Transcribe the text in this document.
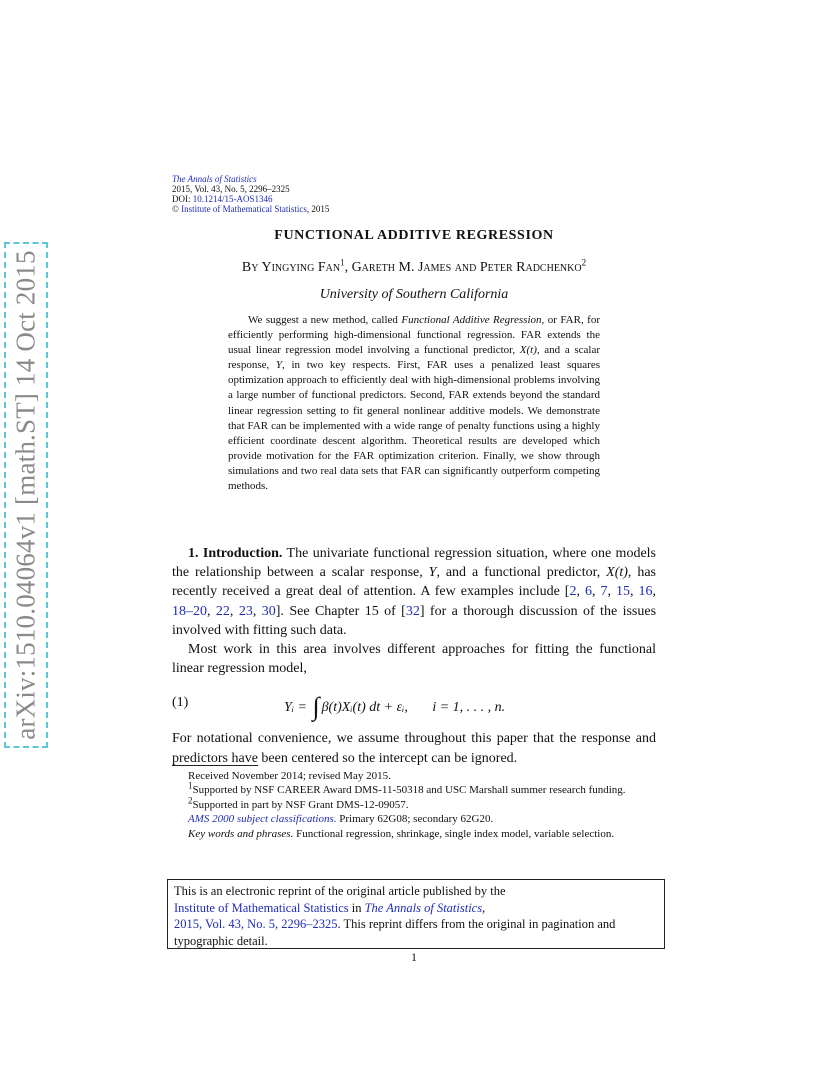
arXiv:1510.04064v1 [math.ST] 14 Oct 2015
The Annals of Statistics
2015, Vol. 43, No. 5, 2296–2325
DOI: 10.1214/15-AOS1346
© Institute of Mathematical Statistics, 2015
FUNCTIONAL ADDITIVE REGRESSION
By Yingying Fan$^1$, Gareth M. James and Peter Radchenko$^2$
University of Southern California

We suggest a new method, called Functional Additive Regression, or FAR, for efficiently performing high-dimensional functional regression. FAR extends the usual linear regression model involving a functional predictor, X(t), and a scalar response, Y, in two key respects. First, FAR uses a penalized least squares optimization approach to efficiently deal with high-dimensional problems involving a large number of functional predictors. Second, FAR extends beyond the standard linear regression setting to fit general nonlinear additive models. We demonstrate that FAR can be implemented with a wide range of penalty functions using a highly efficient coordinate descent algorithm. Theoretical results are developed which provide motivation for the FAR optimization criterion. Finally, we show through simulations and two real data sets that FAR can significantly outperform competing methods.

1. Introduction. The univariate functional regression situation, where one models the relationship between a scalar response, Y, and a functional predictor, X(t), has recently received a great deal of attention. A few examples include [2, 6, 7, 15, 16, 18–20, 22, 23, 30]. See Chapter 15 of [32] for a thorough discussion of the issues involved with fitting such data.

Most work in this area involves different approaches for fitting the functional linear regression model,

(1)	Yᵢ = ∫ β(t)Xᵢ(t) dt + εᵢ, i = 1, . . . , n.

For notational convenience, we assume throughout this paper that the response and predictors have been centered so the intercept can be ignored.

Received November 2014; revised May 2015.

$^1$Supported by NSF CAREER Award DMS-11-50318 and USC Marshall summer research funding.

$^2$Supported in part by NSF Grant DMS-12-09057.

AMS 2000 subject classifications. Primary 62G08; secondary 62G20.

Key words and phrases. Functional regression, shrinkage, single index model, variable selection.

This is an electronic reprint of the original article published by the
Institute of Mathematical Statistics in The Annals of Statistics,
2015, Vol. 43, No. 5, 2296–2325. This reprint differs from the original in pagination and typographic detail.
1
